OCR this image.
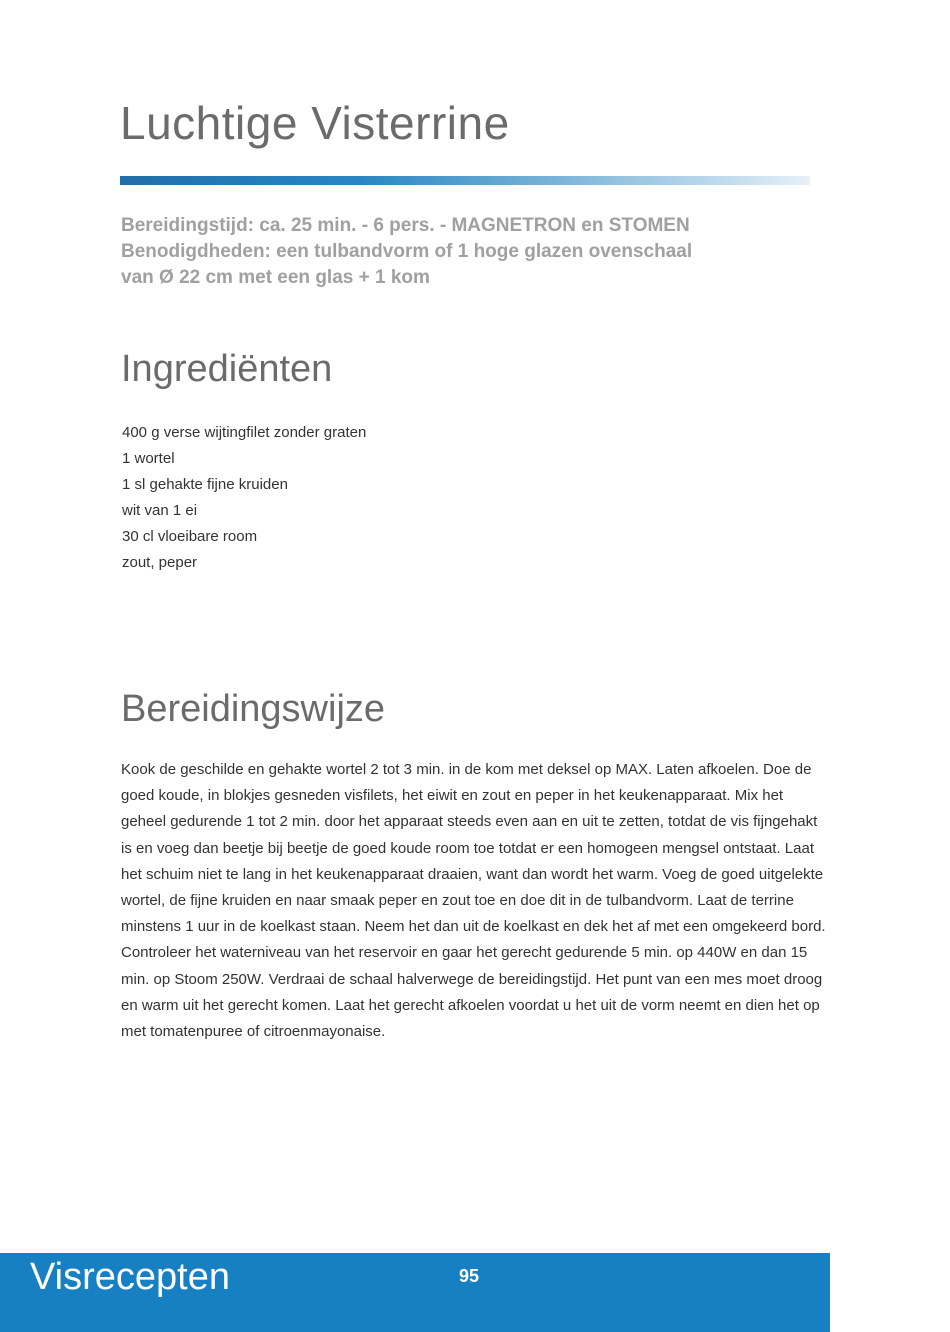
Luchtige Visterrine
Bereidingstijd: ca. 25 min. - 6 pers. - MAGNETRON en STOMEN
Benodigdheden: een tulbandvorm of 1 hoge glazen ovenschaal
van Ø 22 cm met een glas + 1 kom
Ingrediënten
400 g verse wijtingfilet zonder graten
1 wortel
1 sl gehakte fijne kruiden
wit van 1 ei
30 cl vloeibare room
zout, peper
Bereidingswijze

Kook de geschilde en gehakte wortel 2 tot 3 min. in de kom met deksel op MAX. Laten afkoelen. Doe de goed koude, in blokjes gesneden visfilets, het eiwit en zout en peper in het keukenapparaat. Mix het geheel gedurende 1 tot 2 min. door het apparaat steeds even aan en uit te zetten, totdat de vis fijngehakt is en voeg dan beetje bij beetje de goed koude room toe totdat er een homogeen mengsel ontstaat. Laat het schuim niet te lang in het keukenapparaat draaien, want dan wordt het warm. Voeg de goed uitgelekte wortel, de fijne kruiden en naar smaak peper en zout toe en doe dit in de tulbandvorm. Laat de terrine minstens 1 uur in de koelkast staan. Neem het dan uit de koelkast en dek het af met een omgekeerd bord. Controleer het waterniveau van het reservoir en gaar het gerecht gedurende 5 min. op 440W en dan 15 min. op Stoom 250W. Verdraai de schaal halverwege de bereidingstijd. Het punt van een mes moet droog en warm uit het gerecht komen. Laat het gerecht afkoelen voordat u het uit de vorm neemt en dien het op met tomatenpuree of citroenmayonaise.

Visrecepten	95
